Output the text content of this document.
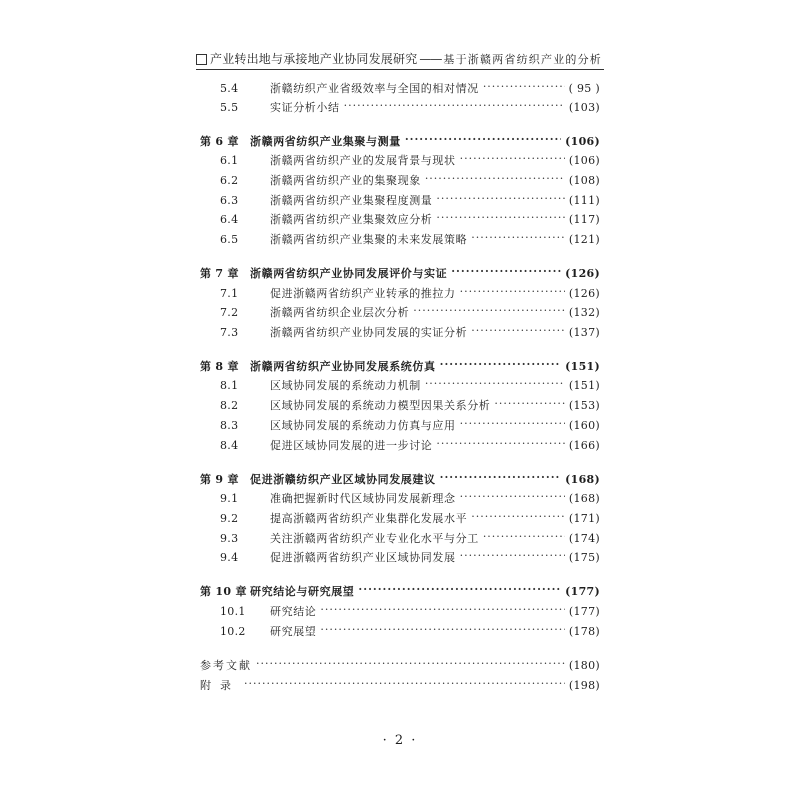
产业转出地与承接地产业协同发展研究 —— 基于浙赣两省纺织产业的分析
5.4	浙赣纺织产业省级效率与全国的相对情况 ·····	( 95 )
5.5	实证分析小结 ·····	(103)
第 6 章	浙赣两省纺织产业集聚与测量 ·····	(106)
6.1	浙赣两省纺织产业的发展背景与现状 ·····	(106)
6.2	浙赣两省纺织产业的集聚现象 ·····	(108)
6.3	浙赣两省纺织产业集聚程度测量 ·····	(111)
6.4	浙赣两省纺织产业集聚效应分析 ·····	(117)
6.5	浙赣两省纺织产业集聚的未来发展策略 ·····	(121)
第 7 章	浙赣两省纺织产业协同发展评价与实证 ·····	(126)
7.1	促进浙赣两省纺织产业转承的推拉力 ·····	(126)
7.2	浙赣两省纺织企业层次分析 ·····	(132)
7.3	浙赣两省纺织产业协同发展的实证分析 ·····	(137)
第 8 章	浙赣两省纺织产业协同发展系统仿真 ·····	(151)
8.1	区域协同发展的系统动力机制 ·····	(151)
8.2	区域协同发展的系统动力模型因果关系分析 ·····	(153)
8.3	区域协同发展的系统动力仿真与应用 ·····	(160)
8.4	促进区域协同发展的进一步讨论 ·····	(166)
第 9 章	促进浙赣纺织产业区域协同发展建议 ·····	(168)
9.1	准确把握新时代区域协同发展新理念 ·····	(168)
9.2	提高浙赣两省纺织产业集群化发展水平 ·····	(171)
9.3	关注浙赣两省纺织产业专业化水平与分工 ·····	(174)
9.4	促进浙赣两省纺织产业区域协同发展 ·····	(175)
第 10 章 研究结论与研究展望 ·····	(177)
10.1	研究结论 ·····	(177)
10.2	研究展望 ·····	(178)
参考文献 ·····	(180)
附录 ·····	(198)
· 2 ·
